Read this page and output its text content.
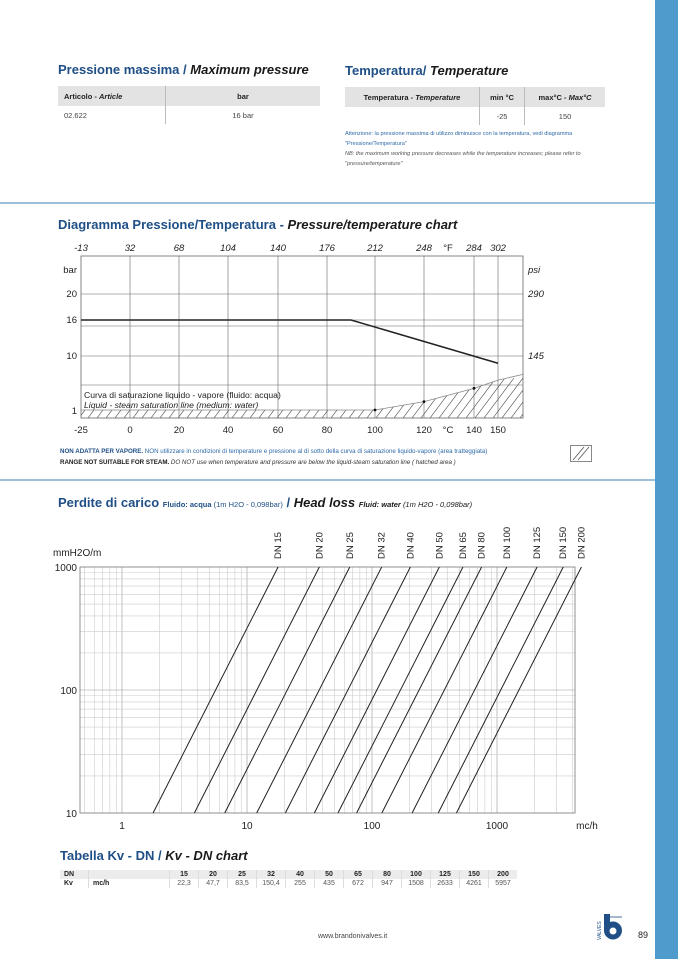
Pressione massima / Maximum pressure
Articolo - Article	bar
02.622	16 bar
Temperatura/ Temperature
Temperatura - Temperature	min °C	max°C - Max°C
	-25	150
Attenzione: la pressione massima di utilizzo diminuisce con la temperatura, vedi diagramma "Pressione/Temperatura"
NB: the maximum working pressure decreases while the temperature increases; please refer to "pressure/temperature"
Diagramma Pressione/Temperatura - Pressure/temperature chart
-25	0	20	40	60	80	100	120	140 150
°C
-13	32	68	104	140	176	212	248	284 302
°F
bar
20
16
10
1
psi
290
145
Curva di saturazione liquido - vapore (fluido: acqua)
Liquid - steam saturation line (medium: water)
NON ADATTA PER VAPORE. NON utilizzare in condizioni di temperature e pressione al di sotto della curva di saturazione liquido-vapore (area tratteggiata)
RANGE NOT SUITABLE FOR STEAM. DO NOT use when temperature and pressure are below the liquid-steam saturation line ( hatched area )
Perdite di carico Fluido: acqua (1m H2O - 0,098bar) / Head loss Fluid: water (1m H2O - 0,098bar)
DN 15	DN 20 DN 25 DN 32 DN 40 DN 50 DN 65 DN 80 DN 100 DN 125 DN 150 DN 200
mmH2O/m
1000
100
10
1	10	100	1000	mc/h
Tabella Kv - DN / Kv - DN chart
DN		15	20	25	32	40	50	65	80	100	125	150	200
Kv	mc/h	22,3	47,7	83,5	150,4	255	435	672	947	1508	2633	4261	5957
www.brandonivalves.it	VALVES	89
